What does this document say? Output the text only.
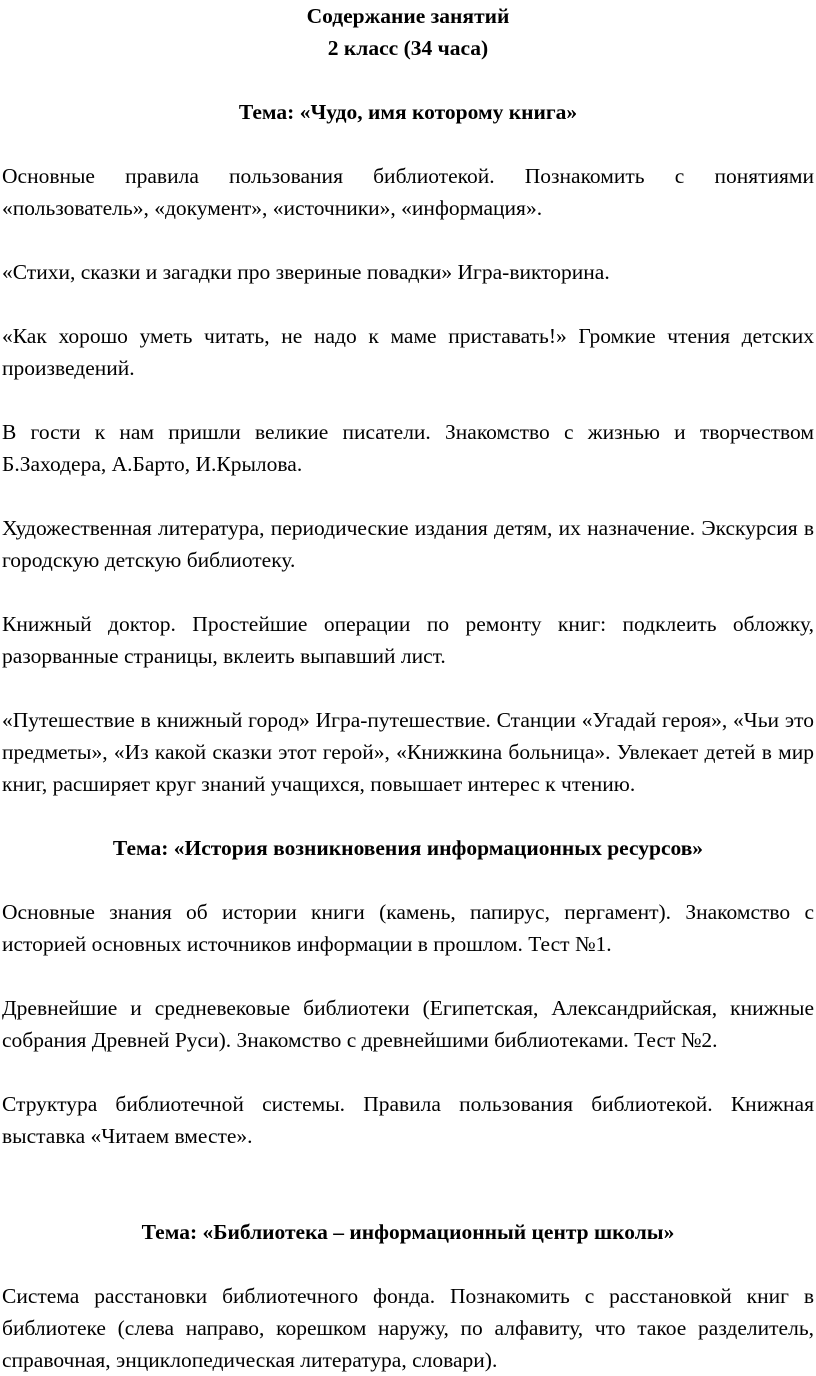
Содержание занятий
2 класс (34 часа)
Тема: «Чудо, имя которому книга»

Основные правила пользования библиотекой. Познакомить с понятиями «пользователь», «документ», «источники», «информация».

«Стихи, сказки и загадки про звериные повадки» Игра-викторина.

«Как хорошо уметь читать, не надо к маме приставать!» Громкие чтения детских произведений.

В гости к нам пришли великие писатели. Знакомство с жизнью и творчеством Б.Заходера, А.Барто, И.Крылова.

Художественная литература, периодические издания детям, их назначение. Экскурсия в городскую детскую библиотеку.

Книжный доктор. Простейшие операции по ремонту книг: подклеить обложку, разорванные страницы, вклеить выпавший лист.

«Путешествие в книжный город» Игра-путешествие. Станции «Угадай героя», «Чьи это предметы», «Из какой сказки этот герой», «Книжкина больница». Увлекает детей в мир книг, расширяет круг знаний учащихся, повышает интерес к чтению.

Тема: «История возникновения информационных ресурсов»

Основные знания об истории книги (камень, папирус, пергамент). Знакомство с историей основных источников информации в прошлом. Тест №1.

Древнейшие и средневековые библиотеки (Египетская, Александрийская, книжные собрания Древней Руси). Знакомство с древнейшими библиотеками. Тест №2.

Структура библиотечной системы. Правила пользования библиотекой. Книжная выставка «Читаем вместе».

Тема: «Библиотека – информационный центр школы»

Система расстановки библиотечного фонда. Познакомить с расстановкой книг в библиотеке (слева направо, корешком наружу, по алфавиту, что такое разделитель, справочная, энциклопедическая литература, словари).
